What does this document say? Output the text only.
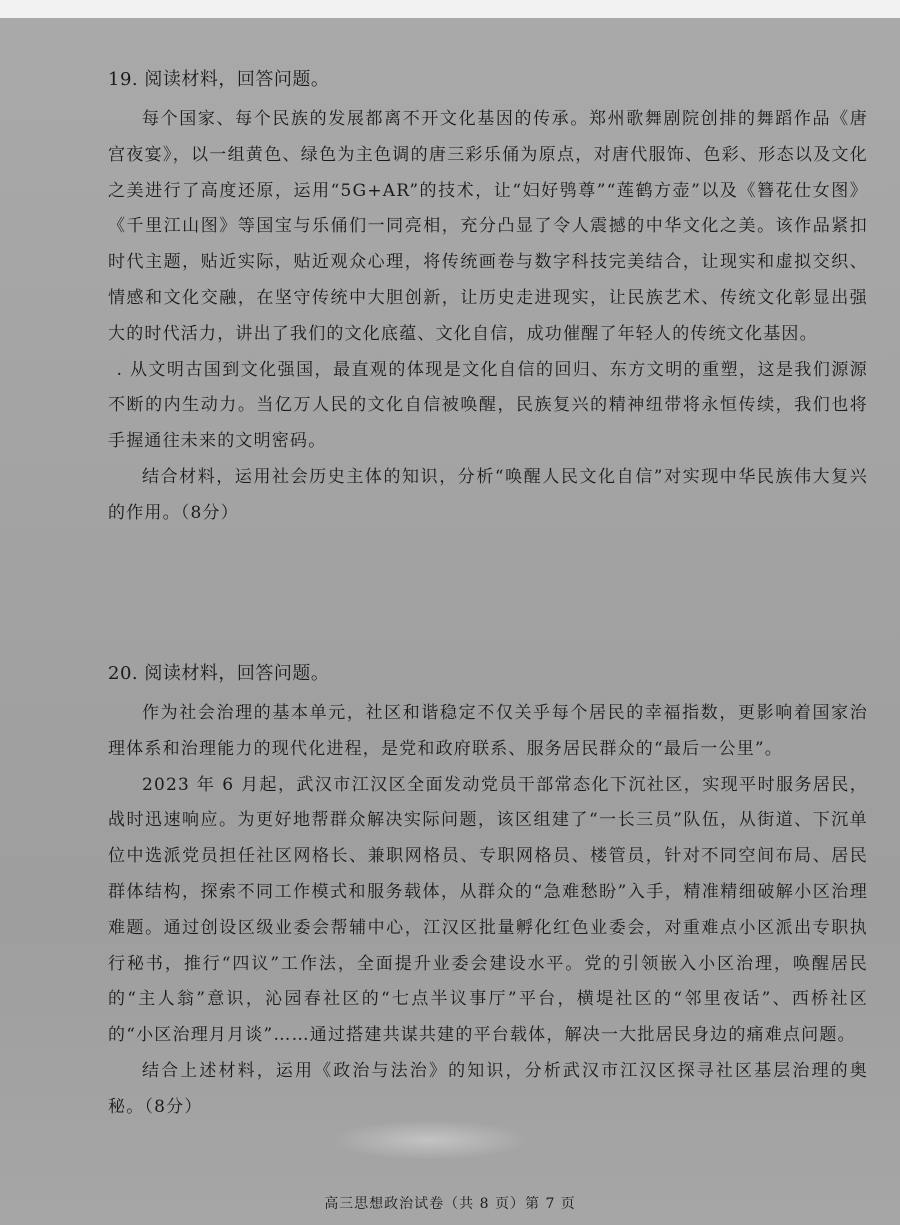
19. 阅读材料，回答问题。

每个国家、每个民族的发展都离不开文化基因的传承。郑州歌舞剧院创排的舞蹈作品《唐宫夜宴》，以一组黄色、绿色为主色调的唐三彩乐俑为原点，对唐代服饰、色彩、形态以及文化之美进行了高度还原，运用“5G+AR”的技术，让“妇好鸮尊”“莲鹤方壶”以及《簪花仕女图》《千里江山图》等国宝与乐俑们一同亮相，充分凸显了令人震撼的中华文化之美。该作品紧扣时代主题，贴近实际，贴近观众心理，将传统画卷与数字科技完美结合，让现实和虚拟交织、情感和文化交融，在坚守传统中大胆创新，让历史走进现实，让民族艺术、传统文化彰显出强大的时代活力，讲出了我们的文化底蕴、文化自信，成功催醒了年轻人的传统文化基因。

. 从文明古国到文化强国，最直观的体现是文化自信的回归、东方文明的重塑，这是我们源源不断的内生动力。当亿万人民的文化自信被唤醒，民族复兴的精神纽带将永恒传续，我们也将手握通往未来的文明密码。

结合材料，运用社会历史主体的知识，分析“唤醒人民文化自信”对实现中华民族伟大复兴的作用。（8分）

20. 阅读材料，回答问题。

作为社会治理的基本单元，社区和谐稳定不仅关乎每个居民的幸福指数，更影响着国家治理体系和治理能力的现代化进程，是党和政府联系、服务居民群众的“最后一公里”。

2023 年 6 月起，武汉市江汉区全面发动党员干部常态化下沉社区，实现平时服务居民，战时迅速响应。为更好地帮群众解决实际问题，该区组建了“一长三员”队伍，从街道、下沉单位中选派党员担任社区网格长、兼职网格员、专职网格员、楼管员，针对不同空间布局、居民群体结构，探索不同工作模式和服务载体，从群众的“急难愁盼”入手，精准精细破解小区治理难题。通过创设区级业委会帮辅中心，江汉区批量孵化红色业委会，对重难点小区派出专职执行秘书，推行“四议”工作法，全面提升业委会建设水平。党的引领嵌入小区治理，唤醒居民的“主人翁”意识，沁园春社区的“七点半议事厅”平台，横堤社区的“邻里夜话”、西桥社区的“小区治理月月谈”……通过搭建共谋共建的平台载体，解决一大批居民身边的痛难点问题。

结合上述材料，运用《政治与法治》的知识，分析武汉市江汉区探寻社区基层治理的奥秘。（8分）

高三思想政治试卷（共 8 页）第 7 页
